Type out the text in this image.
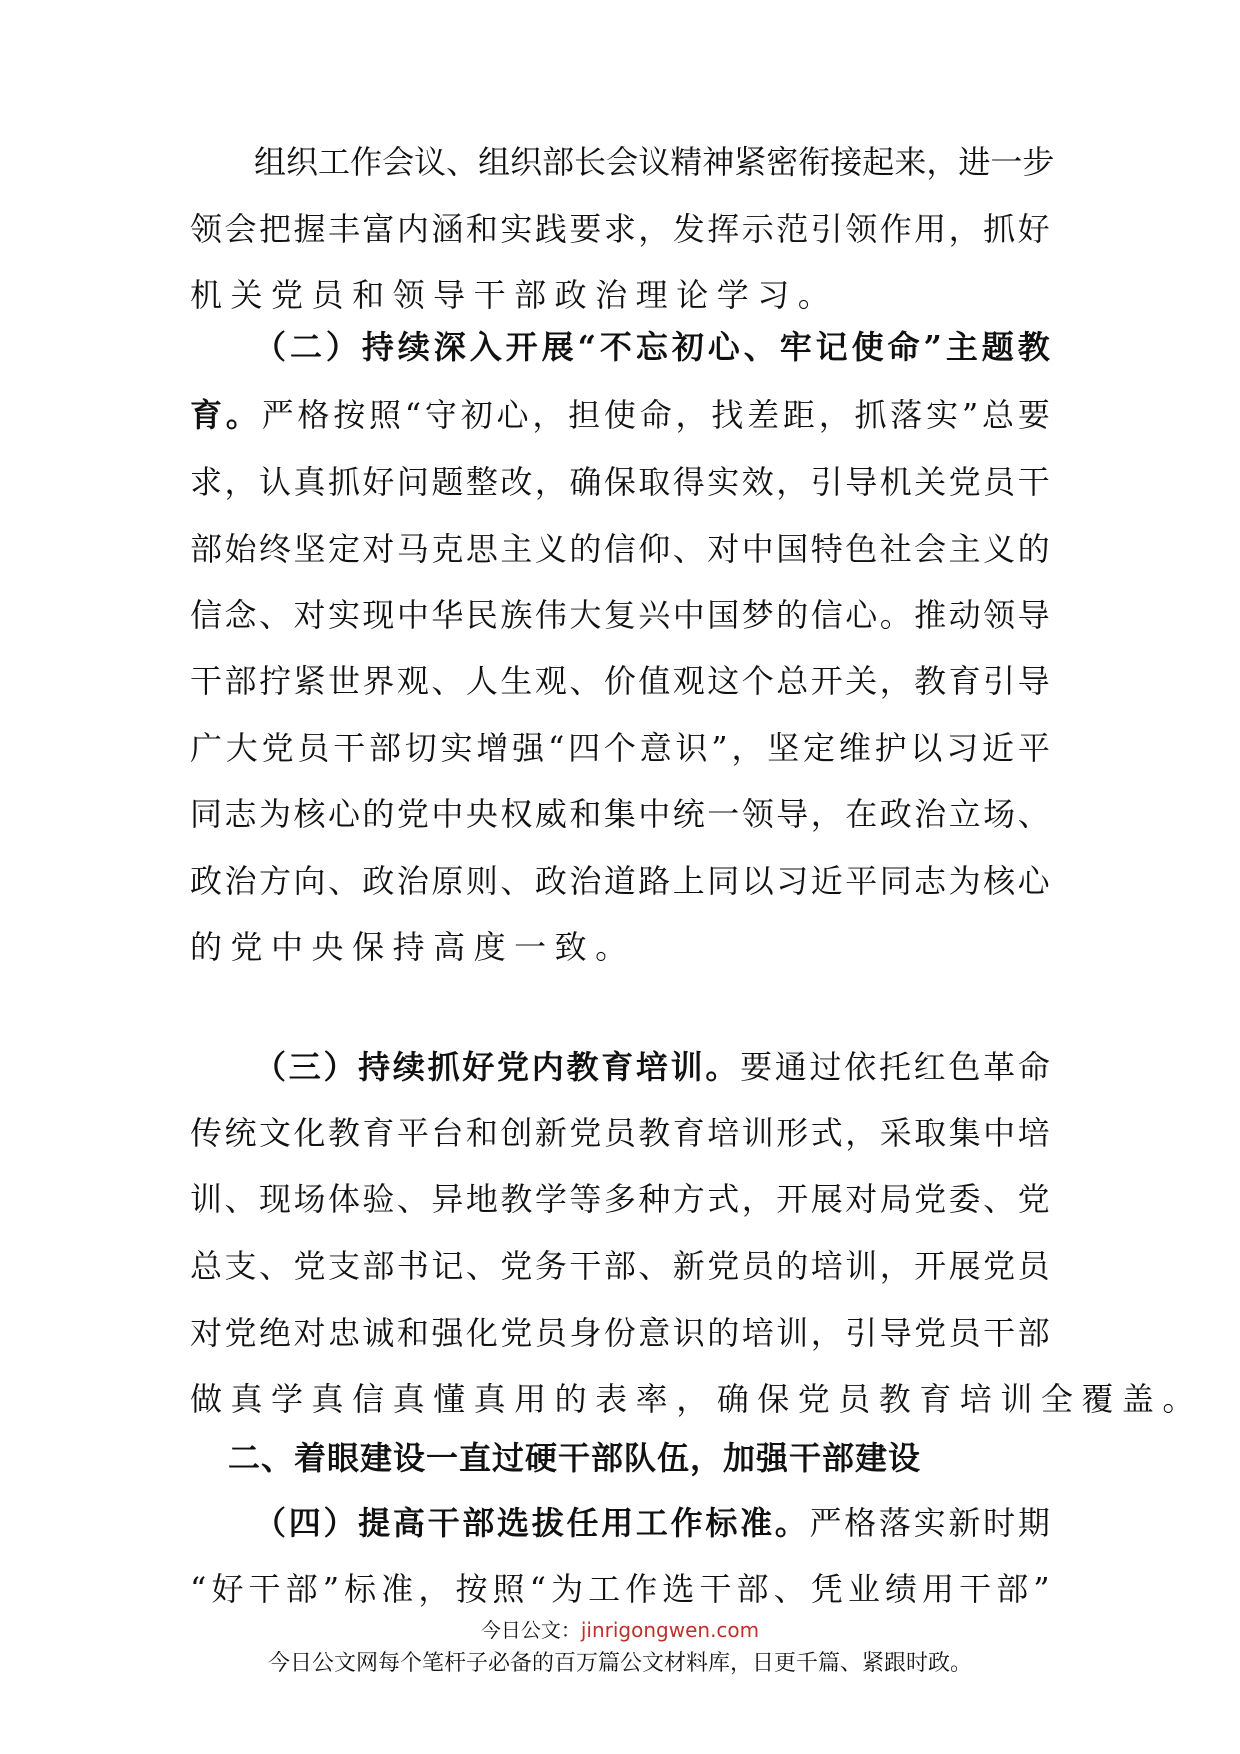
组 织 工 作 会 议 、 组 织 部 长 会 议 精 神 紧 密 衔 接 起 来 ， 进 一 步
领 会 把 握 丰 富 内 涵 和 实 践 要 求 ， 发 挥 示 范 引 领 作 用 ， 抓 好
机 关 党 员 和 领 导 干 部 政 治 理 论 学 习 。
（ 二 ） 持 续 深 入 开 展 “ 不 忘 初 心 、 牢 记 使 命 ” 主 题 教
育 。 严 格 按 照 “ 守 初 心 ， 担 使 命 ， 找 差 距 ， 抓 落 实 ” 总 要
求 ， 认 真 抓 好 问 题 整 改 ， 确 保 取 得 实 效 ， 引 导 机 关 党 员 干
部 始 终 坚 定 对 马 克 思 主 义 的 信 仰 、 对 中 国 特 色 社 会 主 义 的
信 念 、 对 实 现 中 华 民 族 伟 大 复 兴 中 国 梦 的 信 心 。 推 动 领 导
干 部 拧 紧 世 界 观 、 人 生 观 、 价 值 观 这 个 总 开 关 ， 教 育 引 导
广 大 党 员 干 部 切 实 增 强 “ 四 个 意 识 ” ， 坚 定 维 护 以 习 近 平
同 志 为 核 心 的 党 中 央 权 威 和 集 中 统 一 领 导 ， 在 政 治 立 场 、
政 治 方 向 、 政 治 原 则 、 政 治 道 路 上 同 以 习 近 平 同 志 为 核 心
的 党 中 央 保 持 高 度 一 致 。
（ 三 ） 持 续 抓 好 党 内 教 育 培 训 。 要 通 过 依 托 红 色 革 命
传 统 文 化 教 育 平 台 和 创 新 党 员 教 育 培 训 形 式 ， 采 取 集 中 培
训 、 现 场 体 验 、 异 地 教 学 等 多 种 方 式 ， 开 展 对 局 党 委 、 党
总 支 、 党 支 部 书 记 、 党 务 干 部 、 新 党 员 的 培 训 ， 开 展 党 员
对 党 绝 对 忠 诚 和 强 化 党 员 身 份 意 识 的 培 训 ， 引 导 党 员 干 部
做 真 学 真 信 真 懂 真 用 的 表 率 ， 确 保 党 员 教 育 培 训 全 覆 盖 。
二、着眼建设一直过硬干部队伍，加强干部建设
（ 四 ） 提 高 干 部 选 拔 任 用 工 作 标 准 。 严 格 落 实 新 时 期
“ 好 干 部 ” 标 准 ， 按 照 “ 为 工 作 选 干 部 、 凭 业 绩 用 干 部 ”
今日公文：jinrigongwen.com
今日公文网每个笔杆子必备的百万篇公文材料库，日更千篇、紧跟时政。
